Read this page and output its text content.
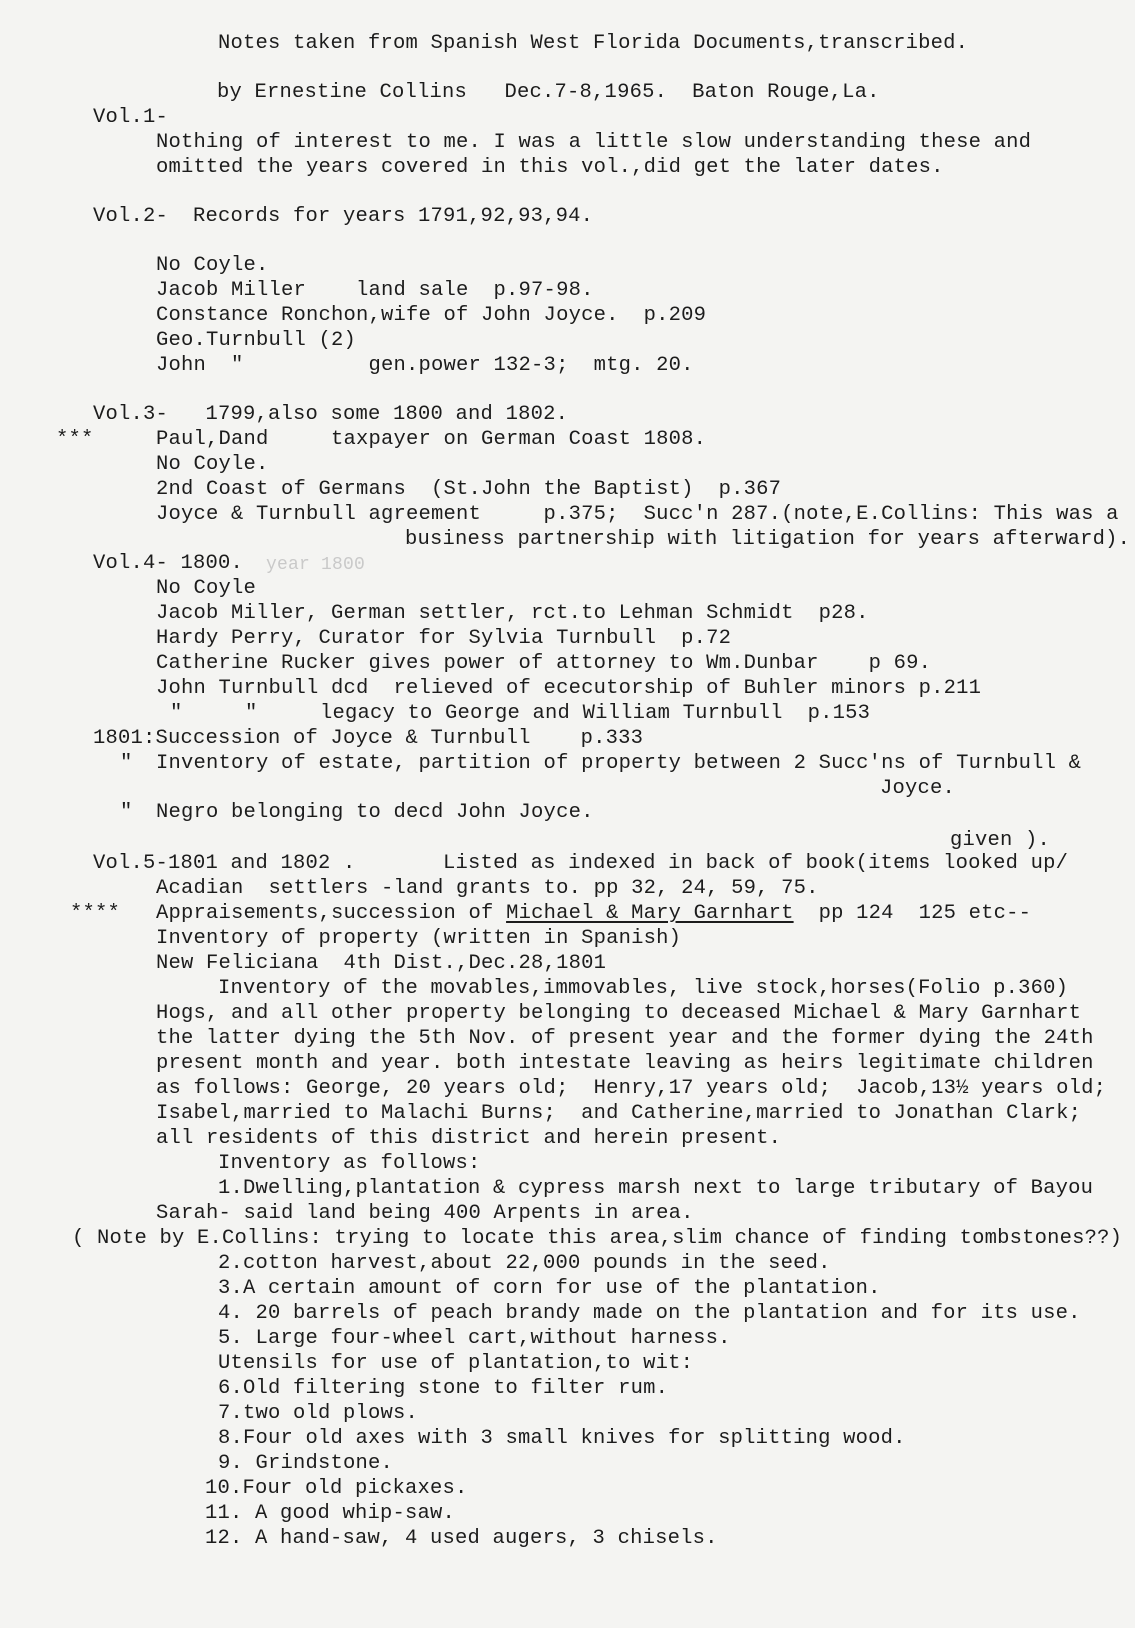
Notes taken from Spanish West Florida Documents,transcribed.
by Ernestine Collins   Dec.7-8,1965.  Baton Rouge,La.
Vol.1-
Nothing of interest to me. I was a little slow understanding these and
omitted the years covered in this vol.,did get the later dates.
Vol.2-  Records for years 1791,92,93,94.
No Coyle.
Jacob Miller    land sale  p.97-98.
Constance Ronchon,wife of John Joyce.  p.209
Geo.Turnbull (2)
John  "          gen.power 132-3;  mtg. 20.
Vol.3-   1799,also some 1800 and 1802.
***	Paul,Dand     taxpayer on German Coast 1808.
No Coyle.
2nd Coast of Germans  (St.John the Baptist)  p.367
Joyce & Turnbull agreement     p.375;  Succ'n 287.(note,E.Collins: This was a
business partnership with litigation for years afterward).
Vol.4- 1800. year 1800
No Coyle
Jacob Miller, German settler, rct.to Lehman Schmidt  p28.
Hardy Perry, Curator for Sylvia Turnbull  p.72
Catherine Rucker gives power of attorney to Wm.Dunbar    p 69.
John Turnbull dcd  relieved of ececutorship of Buhler minors p.211
"     "     legacy to George and William Turnbull  p.153
1801:Succession of Joyce & Turnbull    p.333
" Inventory of estate, partition of property between 2 Succ'ns of Turnbull &
Joyce.
" Negro belonging to decd John Joyce.
given ).
Vol.5-1801 and 1802 .       Listed as indexed in back of book(items looked up/
Acadian  settlers -land grants to. pp 32, 24, 59, 75.
**** Appraisements,succession of Michael & Mary Garnhart  pp 124  125 etc--
Inventory of property (written in Spanish)
New Feliciana  4th Dist.,Dec.28,1801
Inventory of the movables,immovables, live stock,horses(Folio p.360)
Hogs, and all other property belonging to deceased Michael & Mary Garnhart
the latter dying the 5th Nov. of present year and the former dying the 24th
present month and year. both intestate leaving as heirs legitimate children
as follows: George, 20 years old;  Henry,17 years old;  Jacob,13½ years old;
Isabel,married to Malachi Burns;  and Catherine,married to Jonathan Clark;
all residents of this district and herein present.
Inventory as follows:
1.Dwelling,plantation & cypress marsh next to large tributary of Bayou
Sarah- said land being 400 Arpents in area.
( Note by E.Collins: trying to locate this area,slim chance of finding tombstones??)
2.cotton harvest,about 22,000 pounds in the seed.
3.A certain amount of corn for use of the plantation.
4. 20 barrels of peach brandy made on the plantation and for its use.
5. Large four-wheel cart,without harness.
Utensils for use of plantation,to wit:
6.Old filtering stone to filter rum.
7.two old plows.
8.Four old axes with 3 small knives for splitting wood.
9. Grindstone.
10.Four old pickaxes.
11. A good whip-saw.
12. A hand-saw, 4 used augers, 3 chisels.
